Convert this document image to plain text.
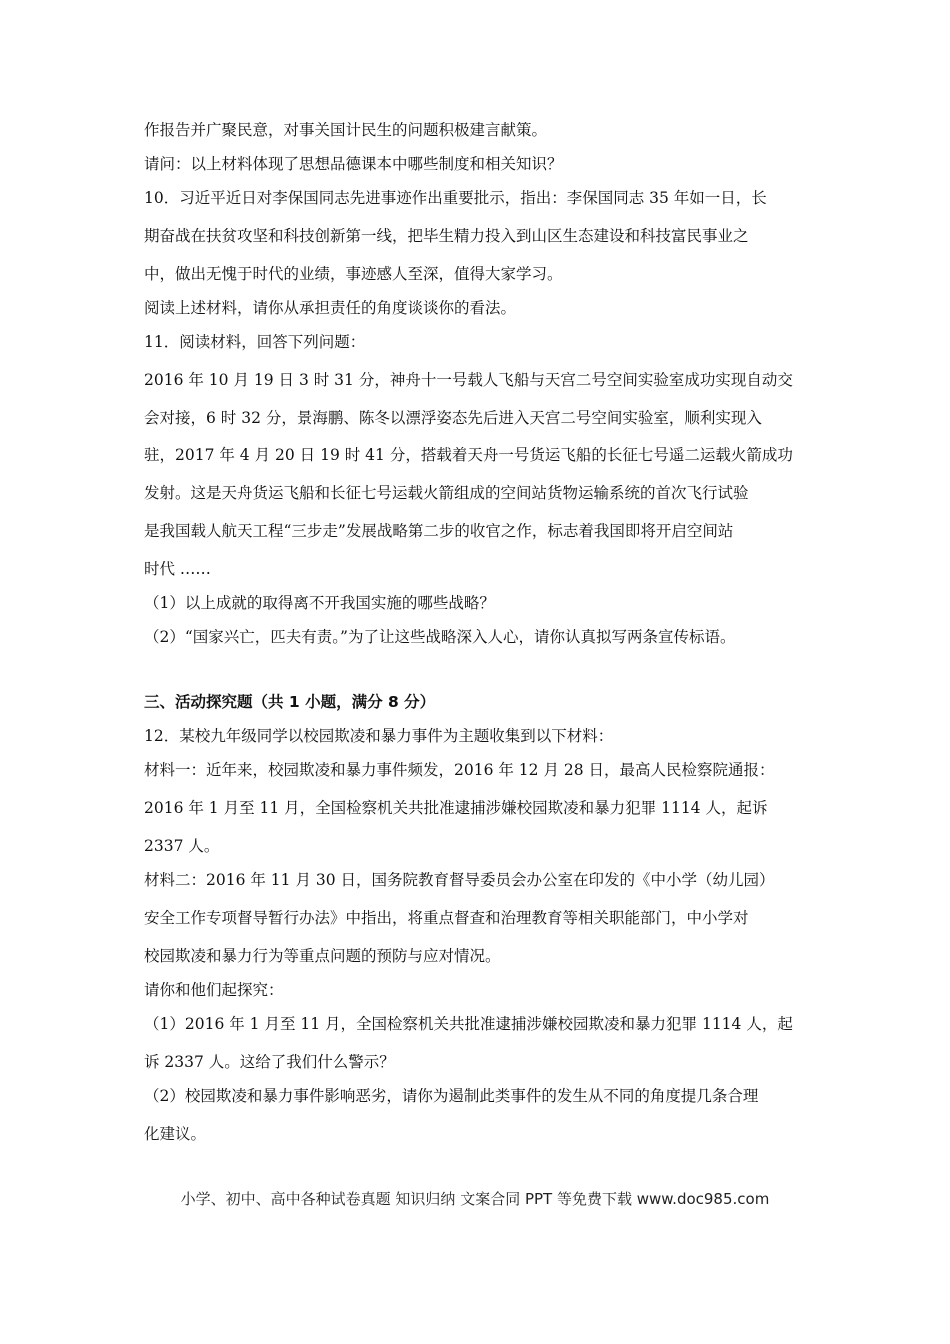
作报告并广聚民意，对事关国计民生的问题积极建言献策。
请问：以上材料体现了思想品德课本中哪些制度和相关知识？
10．习近平近日对李保国同志先进事迹作出重要批示，指出：李保国同志 35 年如一日，长
期奋战在扶贫攻坚和科技创新第一线，把毕生精力投入到山区生态建设和科技富民事业之
中，做出无愧于时代的业绩，事迹感人至深，值得大家学习。
阅读上述材料，请你从承担责任的角度谈谈你的看法。
11．阅读材料，回答下列问题：
2016 年 10 月 19 日 3 时 31 分，神舟十一号载人飞船与天宫二号空间实验室成功实现自动交
会对接，6 时 32 分，景海鹏、陈冬以漂浮姿态先后进入天宫二号空间实验室，顺利实现入
驻，2017 年 4 月 20 日 19 时 41 分，搭载着天舟一号货运飞船的长征七号遥二运载火箭成功
发射。这是天舟货运飞船和长征七号运载火箭组成的空间站货物运输系统的首次飞行试验
是我国载人航天工程“三步走”发展战略第二步的收官之作，标志着我国即将开启空间站
时代 ……
（1）以上成就的取得离不开我国实施的哪些战略？
（2）“国家兴亡，匹夫有责。”为了让这些战略深入人心，请你认真拟写两条宣传标语。
三、活动探究题（共 1 小题，满分 8 分）
12．某校九年级同学以校园欺凌和暴力事件为主题收集到以下材料：
材料一：近年来，校园欺凌和暴力事件频发，2016 年 12 月 28 日，最高人民检察院通报：
2016 年 1 月至 11 月，全国检察机关共批准逮捕涉嫌校园欺凌和暴力犯罪 1114 人，起诉
2337 人。
材料二：2016 年 11 月 30 日，国务院教育督导委员会办公室在印发的《中小学（幼儿园）
安全工作专项督导暂行办法》中指出，将重点督查和治理教育等相关职能部门，中小学对
校园欺凌和暴力行为等重点问题的预防与应对情况。
请你和他们起探究：
（1）2016 年 1 月至 11 月，全国检察机关共批准逮捕涉嫌校园欺凌和暴力犯罪 1114 人，起
诉 2337 人。这给了我们什么警示？
（2）校园欺凌和暴力事件影响恶劣，请你为遏制此类事件的发生从不同的角度提几条合理
化建议。
小学、初中、高中各种试卷真题 知识归纳 文案合同 PPT 等免费下载 www.doc985.com
